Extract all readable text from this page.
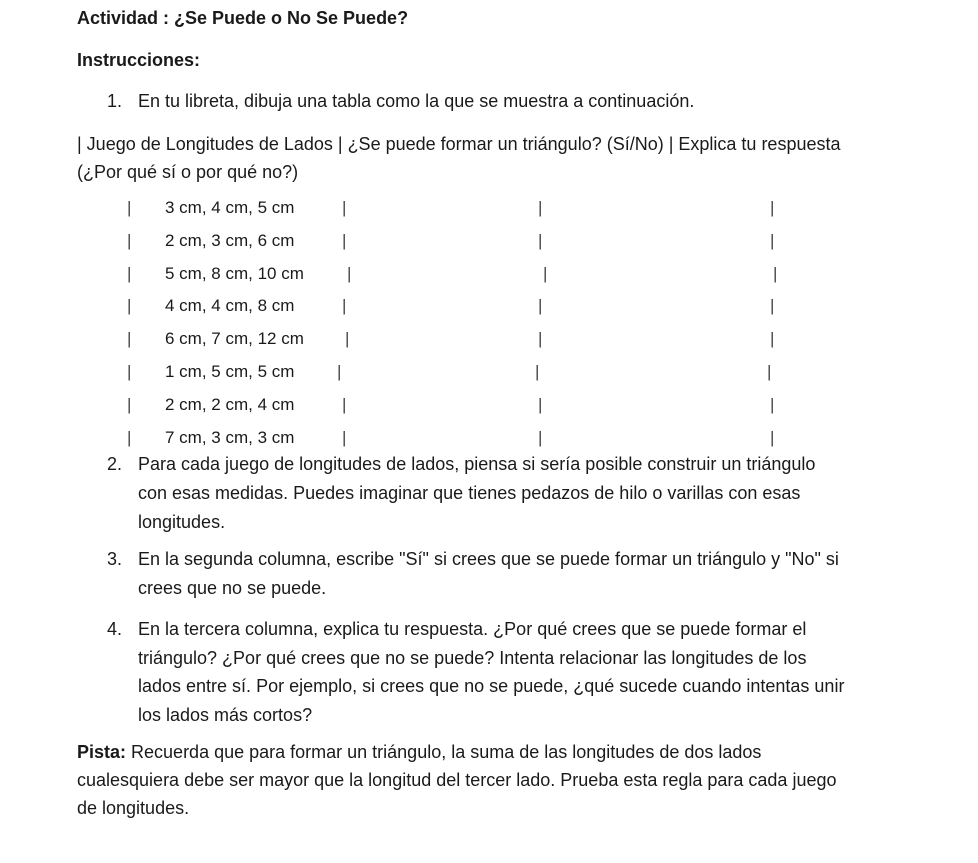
Actividad : ¿Se Puede o No Se Puede?
Instrucciones:
1. En tu libreta, dibuja una tabla como la que se muestra a continuación.
| Juego de Longitudes de Lados | ¿Se puede formar un triángulo? (Sí/No) | Explica tu respuesta (¿Por qué sí o por qué no?)
| 3 cm, 4 cm, 5 cm	|	|	|
| 2 cm, 3 cm, 6 cm	|	|	|
| 5 cm, 8 cm, 10 cm	|	|	|
| 4 cm, 4 cm, 8 cm	|	|	|
| 6 cm, 7 cm, 12 cm |	|	|
| 1 cm, 5 cm, 5 cm	|	|	|
| 2 cm, 2 cm, 4 cm	|	|	|
| 7 cm, 3 cm, 3 cm	|	|	|
2. Para cada juego de longitudes de lados, piensa si sería posible construir un triángulo con esas medidas. Puedes imaginar que tienes pedazos de hilo o varillas con esas longitudes.
3. En la segunda columna, escribe "Sí" si crees que se puede formar un triángulo y "No" si crees que no se puede.
4. En la tercera columna, explica tu respuesta. ¿Por qué crees que se puede formar el triángulo? ¿Por qué crees que no se puede? Intenta relacionar las longitudes de los lados entre sí. Por ejemplo, si crees que no se puede, ¿qué sucede cuando intentas unir los lados más cortos?
Pista: Recuerda que para formar un triángulo, la suma de las longitudes de dos lados cualesquiera debe ser mayor que la longitud del tercer lado. Prueba esta regla para cada juego de longitudes.
